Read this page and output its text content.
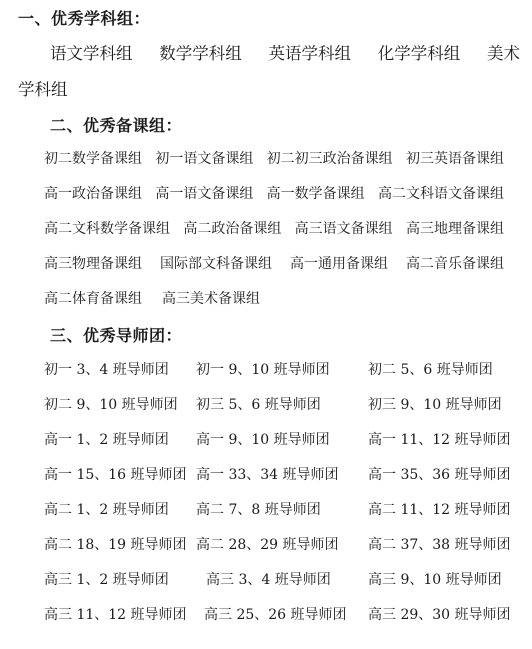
一、优秀学科组：
语文学科组 数学学科组 英语学科组 化学学科组 美术
学科组
二、优秀备课组：
初二数学备课组 初一语文备课组 初二初三政治备课组 初三英语备课组
高一政治备课组 高一语文备课组 高一数学备课组 高二文科语文备课组
高二文科数学备课组 高二政治备课组 高三语文备课组 高三地理备课组
高三物理备课组 国际部文科备课组 高一通用备课组 高二音乐备课组
高二体育备课组 高三美术备课组
三、优秀导师团：
初一 3、4 班导师团 初一 9、10 班导师团	初二 5、6 班导师团
初二 9、10 班导师团 初三 5、6 班导师团	初三 9、10 班导师团
高一 1、2 班导师团 高一 9、10 班导师团	高一 11、12 班导师团
高一 15、16 班导师团 高一 33、34 班导师团 高一 35、36 班导师团
高二 1、2 班导师团 高二 7、8 班导师团	高二 11、12 班导师团
高二 18、19 班导师团 高二 28、29 班导师团 高二 37、38 班导师团
高三 1、2 班导师团	高三 3、4 班导师团	高三 9、10 班导师团
高三 11、12 班导师团 高三 25、26 班导师团 高三 29、30 班导师团
